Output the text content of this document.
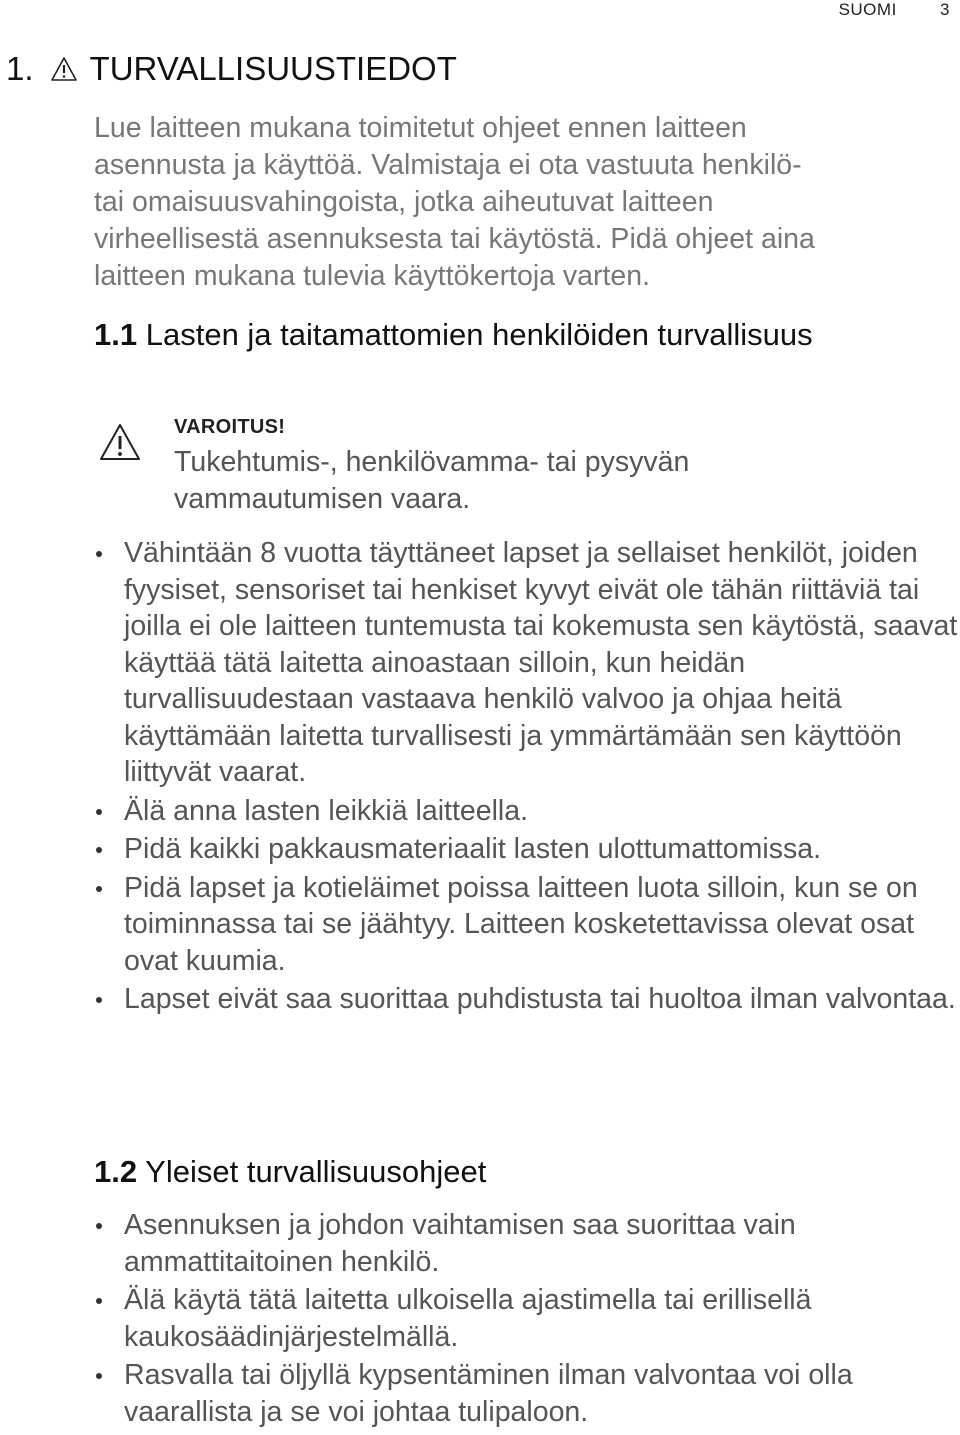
SUOMI	3
1. TURVALLISUUSTIEDOT

Lue laitteen mukana toimitetut ohjeet ennen laitteen

asennusta ja käyttöä. Valmistaja ei ota vastuuta henkilö-

tai omaisuusvahingoista, jotka aiheutuvat laitteen

virheellisestä asennuksesta tai käytöstä. Pidä ohjeet aina

laitteen mukana tulevia käyttökertoja varten.

1.1 Lasten ja taitamattomien henkilöiden turvallisuus
VAROITUS!
Tukehtumis-, henkilövamma- tai pysyvän vammautumisen vaara.
Vähintään 8 vuotta täyttäneet lapset ja sellaiset henkilöt, joiden fyysiset, sensoriset tai henkiset kyvyt eivät ole tähän riittäviä tai joilla ei ole laitteen tuntemusta tai kokemusta sen käytöstä, saavat käyttää tätä laitetta ainoastaan silloin, kun heidän turvallisuudestaan vastaava henkilö valvoo ja ohjaa heitä käyttämään laitetta turvallisesti ja ymmärtämään sen käyttöön liittyvät vaarat.
Älä anna lasten leikkiä laitteella.
Pidä kaikki pakkausmateriaalit lasten ulottumattomissa.
Pidä lapset ja kotieläimet poissa laitteen luota silloin, kun se on toiminnassa tai se jäähtyy. Laitteen kosketettavissa olevat osat ovat kuumia.
Lapset eivät saa suorittaa puhdistusta tai huoltoa ilman valvontaa.
1.2 Yleiset turvallisuusohjeet
Asennuksen ja johdon vaihtamisen saa suorittaa vain ammattitaitoinen henkilö.
Älä käytä tätä laitetta ulkoisella ajastimella tai erillisellä kaukosäädinjärjestelmällä.
Rasvalla tai öljyllä kypsentäminen ilman valvontaa voi olla vaarallista ja se voi johtaa tulipaloon.
